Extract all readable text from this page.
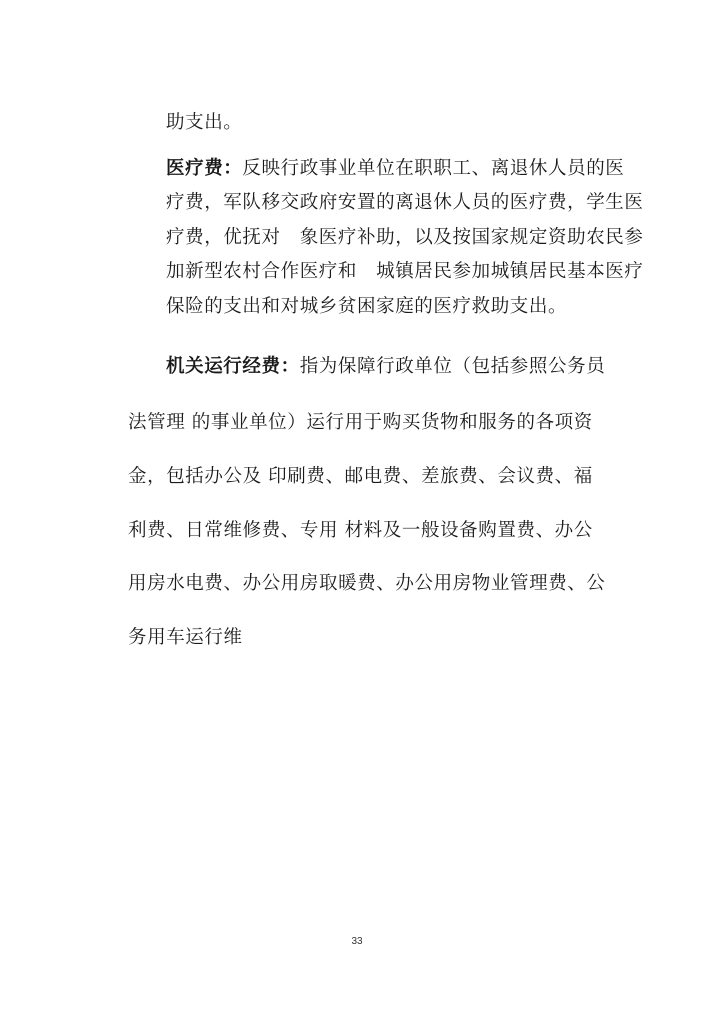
助支出。
医疗费：反映行政事业单位在职职工、离退休人员的医
疗费，军队移交政府安置的离退休人员的医疗费，学生医
疗费，优抚对　象医疗补助，以及按国家规定资助农民参
加新型农村合作医疗和　城镇居民参加城镇居民基本医疗
保险的支出和对城乡贫困家庭的医疗救助支出。
机关运行经费：指为保障行政单位（包括参照公务员
法管理 的事业单位）运行用于购买货物和服务的各项资
金，包括办公及 印刷费、邮电费、差旅费、会议费、福
利费、日常维修费、专用 材料及一般设备购置费、办公
用房水电费、办公用房取暖费、办公用房物业管理费、公
务用车运行维
33
